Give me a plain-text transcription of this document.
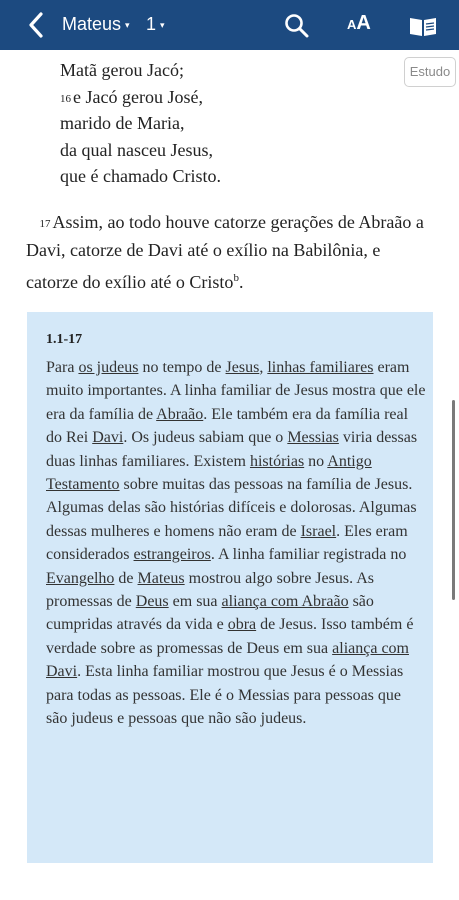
Mateus ▾ 1 ▾	AA
Estudo
Matã gerou Jacó;
$^{16}$ e Jacó gerou José,
marido de Maria,
da qual nasceu Jesus,
que é chamado Cristo.
$^{17}$ Assim, ao todo houve catorze gerações de Abraão a Davi, catorze de Davi até o exílio na Babilônia, e catorze do exílio até o Cristo$^b$.
1.1-17
Para os judeus no tempo de Jesus, linhas familiares eram muito importantes. A linha familiar de Jesus mostra que ele era da família de Abraão. Ele também era da família real do Rei Davi. Os judeus sabiam que o Messias viria dessas duas linhas familiares. Existem histórias no Antigo Testamento sobre muitas das pessoas na família de Jesus. Algumas delas são histórias difíceis e dolorosas. Algumas dessas mulheres e homens não eram de Israel. Eles eram considerados estrangeiros. A linha familiar registrada no Evangelho de Mateus mostrou algo sobre Jesus. As promessas de Deus em sua aliança com Abraão são cumpridas através da vida e obra de Jesus. Isso também é verdade sobre as promessas de Deus em sua aliança com Davi. Esta linha familiar mostrou que Jesus é o Messias para todas as pessoas. Ele é o Messias para pessoas que são judeus e pessoas que não são judeus.
